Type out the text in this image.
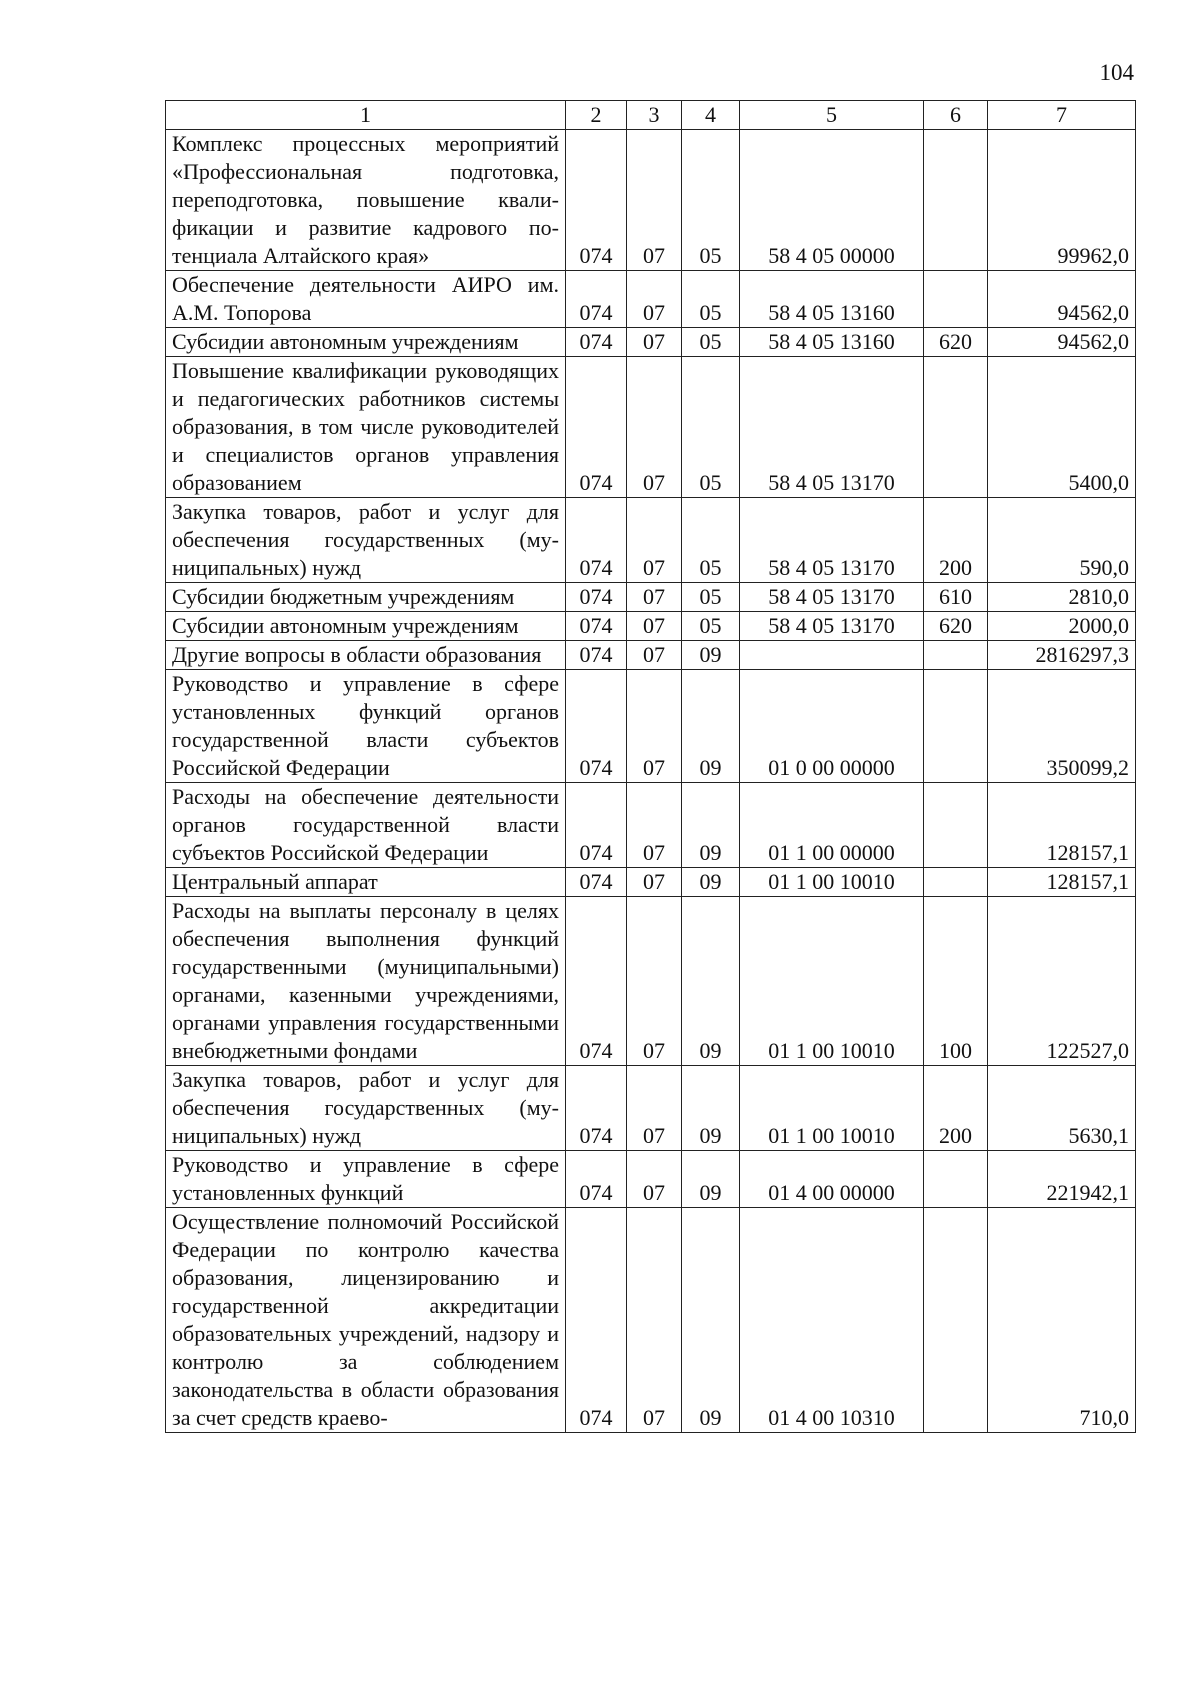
104
1	2	3	4	5	6	7
Комплекс процессных мероприятий «Профессиональная подготовка, переподготовка, повышение квалификации и развитие кадрового потенциала Алтайского края»	074	07	05	58 4 05 00000		99962,0
Обеспечение деятельности АИРО им. А.М. Топорова	074	07	05	58 4 05 13160		94562,0
Субсидии автономным учреждениям	074	07	05	58 4 05 13160	620	94562,0
Повышение квалификации руководящих и педагогических работников системы образования, в том числе руководителей и специалистов органов управления образованием	074	07	05	58 4 05 13170		5400,0
Закупка товаров, работ и услуг для обеспечения государственных (муниципальных) нужд	074	07	05	58 4 05 13170	200	590,0
Субсидии бюджетным учреждениям	074	07	05	58 4 05 13170	610	2810,0
Субсидии автономным учреждениям	074	07	05	58 4 05 13170	620	2000,0
Другие вопросы в области образования	074	07	09			2816297,3
Руководство и управление в сфере установленных функций органов государственной власти субъектов Российской Федерации	074	07	09	01 0 00 00000		350099,2
Расходы на обеспечение деятельности органов государственной власти субъектов Российской Федерации	074	07	09	01 1 00 00000		128157,1
Центральный аппарат	074	07	09	01 1 00 10010		128157,1
Расходы на выплаты персоналу в целях обеспечения выполнения функций государственными (муниципальными) органами, казенными учреждениями, органами управления государственными внебюджетными фондами	074	07	09	01 1 00 10010	100	122527,0
Закупка товаров, работ и услуг для обеспечения государственных (муниципальных) нужд	074	07	09	01 1 00 10010	200	5630,1
Руководство и управление в сфере установленных функций	074	07	09	01 4 00 00000		221942,1
Осуществление полномочий Российской Федерации по контролю качества образования, лицензированию и государственной аккредитации образовательных учреждений, надзору и контролю за соблюдением законодательства в области образования за счет средств краево-	074	07	09	01 4 00 10310		710,0
